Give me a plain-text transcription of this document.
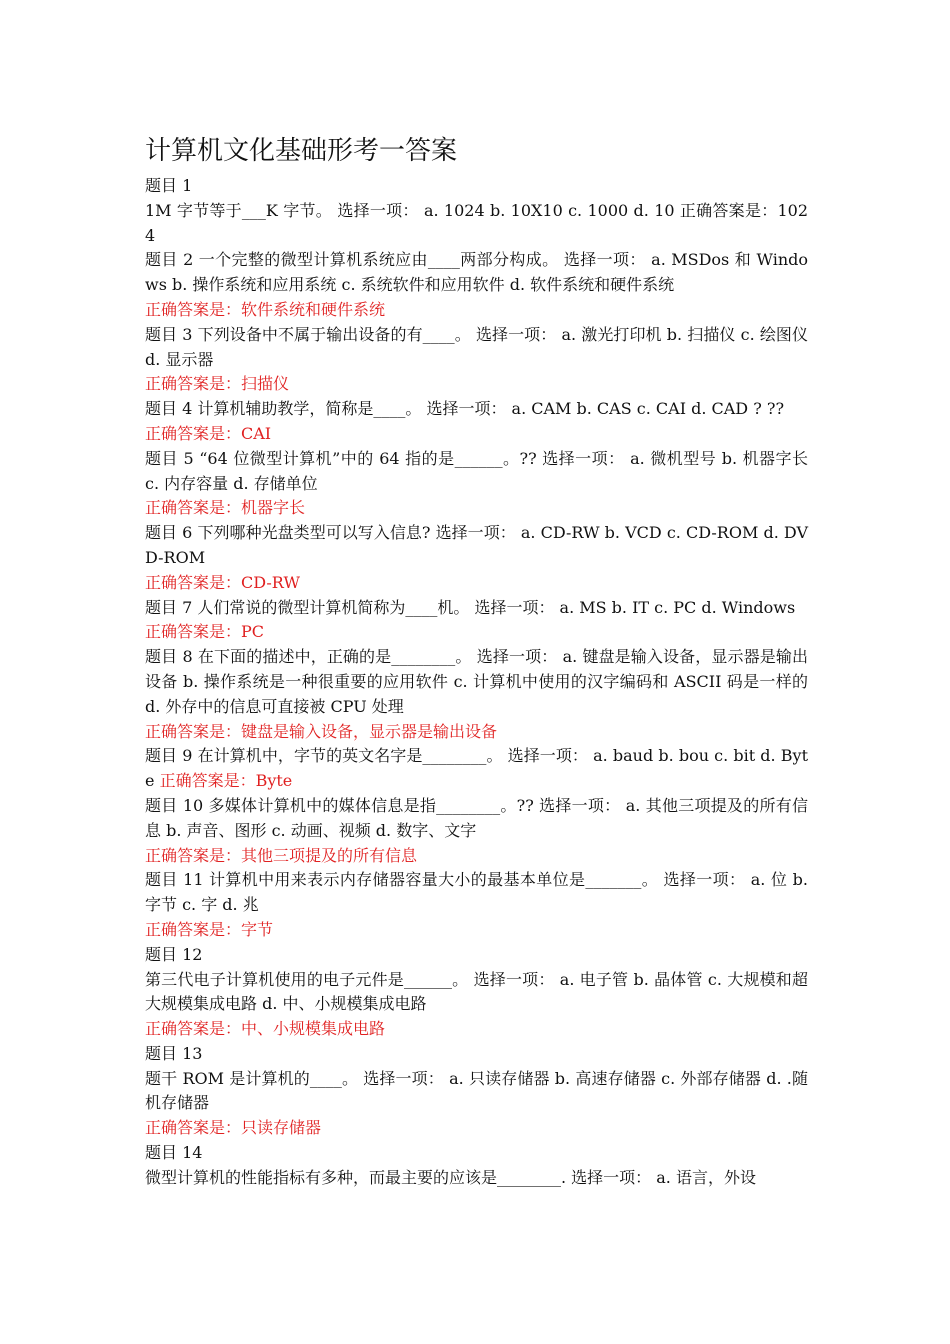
计算机文化基础形考一答案

题目 1

1M 字节等于___K 字节。 选择一项： a. 1024 b. 10X10 c. 1000 d. 10 正确答案是：1024

题目 2 一个完整的微型计算机系统应由____两部分构成。 选择一项： a. MSDos 和 Windows b. 操作系统和应用系统 c. 系统软件和应用软件 d. 软件系统和硬件系统

正确答案是：软件系统和硬件系统

题目 3 下列设备中不属于输出设备的有____。 选择一项： a. 激光打印机 b. 扫描仪 c. 绘图仪 d. 显示器

正确答案是：扫描仪

题目 4 计算机辅助教学，简称是____。 选择一项： a. CAM b. CAS c. CAI d. CAD ? ??

正确答案是：CAI

题目 5 “64 位微型计算机”中的 64 指的是______。?? 选择一项： a. 微机型号 b. 机器字长 c. 内存容量 d. 存储单位

正确答案是：机器字长

题目 6 下列哪种光盘类型可以写入信息? 选择一项： a. CD-RW b. VCD c. CD-ROM d. DVD-ROM

正确答案是：CD-RW

题目 7 人们常说的微型计算机简称为____机。 选择一项： a. MS b. IT c. PC d. Windows

正确答案是：PC

题目 8 在下面的描述中，正确的是________。 选择一项： a. 键盘是输入设备，显示器是输出设备 b. 操作系统是一种很重要的应用软件 c. 计算机中使用的汉字编码和 ASCII 码是一样的 d. 外存中的信息可直接被 CPU 处理

正确答案是：键盘是输入设备，显示器是输出设备

题目 9 在计算机中，字节的英文名字是________。 选择一项： a. baud b. bou c. bit d. Byte 正确答案是：Byte

题目 10 多媒体计算机中的媒体信息是指________。?? 选择一项： a. 其他三项提及的所有信息 b. 声音、图形 c. 动画、视频 d. 数字、文字

正确答案是：其他三项提及的所有信息

题目 11 计算机中用来表示内存储器容量大小的最基本单位是_______。 选择一项： a. 位 b. 字节 c. 字 d. 兆

正确答案是：字节

题目 12

第三代电子计算机使用的电子元件是______。 选择一项： a. 电子管 b. 晶体管 c. 大规模和超大规模集成电路 d. 中、小规模集成电路

正确答案是：中、小规模集成电路

题目 13

题干 ROM 是计算机的____。 选择一项： a. 只读存储器 b. 高速存储器 c. 外部存储器 d. .随机存储器

正确答案是：只读存储器

题目 14

微型计算机的性能指标有多种，而最主要的应该是________. 选择一项： a. 语言，外设
